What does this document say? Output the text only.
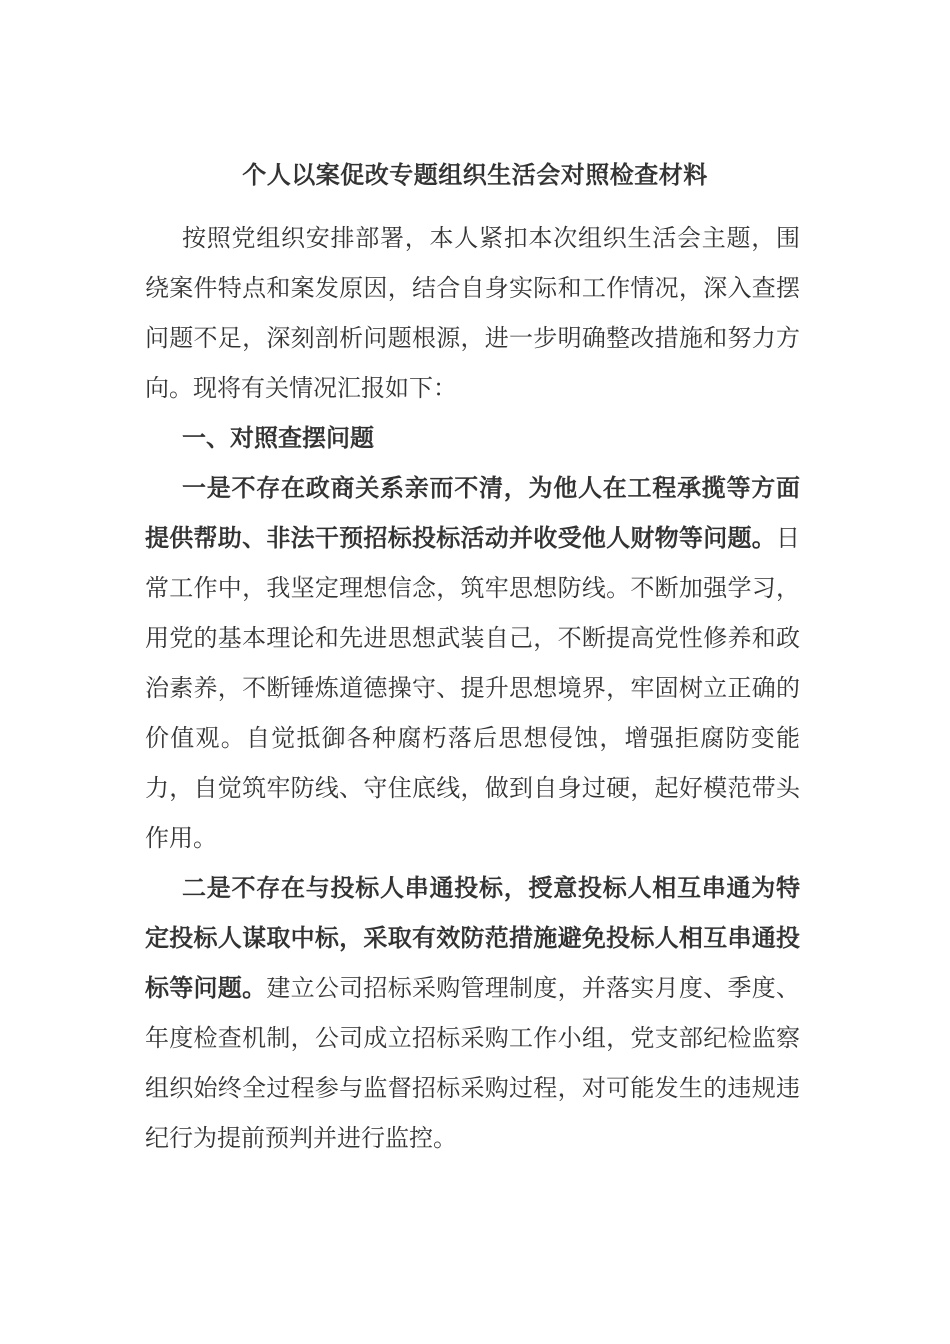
个人以案促改专题组织生活会对照检查材料

按照党组织安排部署，本人紧扣本次组织生活会主题，围绕案件特点和案发原因，结合自身实际和工作情况，深入查摆问题不足，深刻剖析问题根源，进一步明确整改措施和努力方向。现将有关情况汇报如下：

一、对照查摆问题

一是不存在政商关系亲而不清，为他人在工程承揽等方面提供帮助、非法干预招标投标活动并收受他人财物等问题。日常工作中，我坚定理想信念，筑牢思想防线。不断加强学习，用党的基本理论和先进思想武装自己，不断提高党性修养和政治素养，不断锤炼道德操守、提升思想境界，牢固树立正确的价值观。自觉抵御各种腐朽落后思想侵蚀，增强拒腐防变能力，自觉筑牢防线、守住底线，做到自身过硬，起好模范带头作用。

二是不存在与投标人串通投标，授意投标人相互串通为特定投标人谋取中标，采取有效防范措施避免投标人相互串通投标等问题。建立公司招标采购管理制度，并落实月度、季度、年度检查机制，公司成立招标采购工作小组，党支部纪检监察组织始终全过程参与监督招标采购过程，对可能发生的违规违纪行为提前预判并进行监控。
